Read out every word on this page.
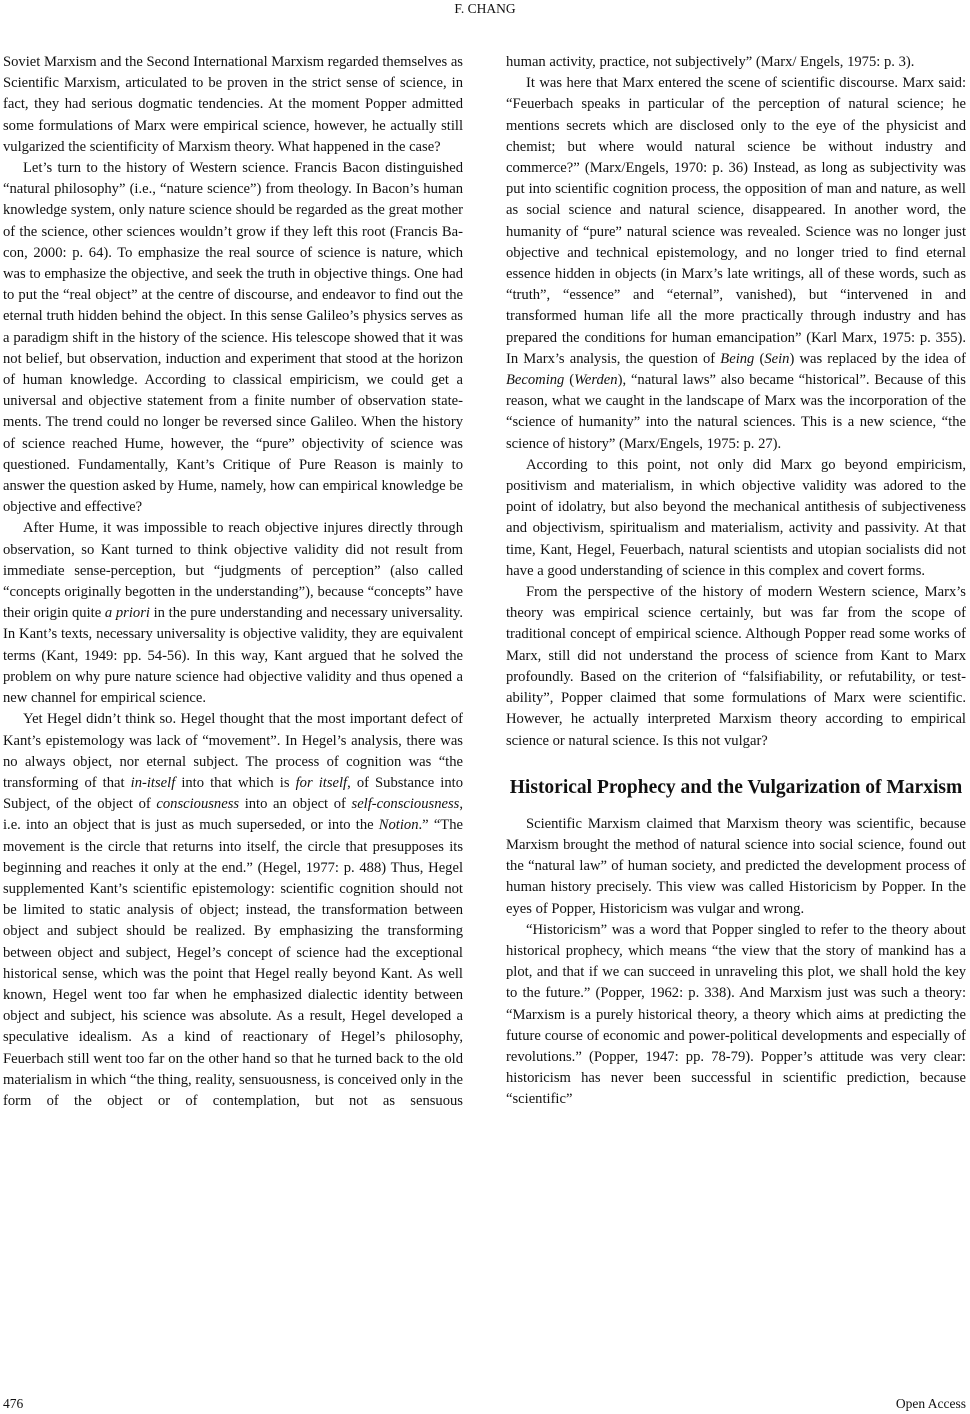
F. CHANG

Soviet Marxism and the Second International Marxism regarded themselves as Scientific Marxism, articulated to be proven in the strict sense of science, in fact, they had serious dogmatic tendencies. At the moment Popper admitted some formulations of Marx were empirical science, however, he actually still vulgarized the scientificity of Marxism theory. What happened in the case?

Let’s turn to the history of Western science. Francis Bacon distinguished “natural philosophy” (i.e., “nature science”) from theology. In Bacon’s human knowledge system, only nature science should be regarded as the great mother of the science, other sciences wouldn’t grow if they left this root (Francis Bacon, 2000: p. 64). To emphasize the real source of science is nature, which was to emphasize the objective, and seek the truth in objective things. One had to put the “real object” at the centre of discourse, and endeavor to find out the eternal truth hidden behind the object. In this sense Galileo’s physics serves as a paradigm shift in the history of the science. His telescope showed that it was not belief, but observation, induction and experiment that stood at the horizon of human knowledge. According to classical empiricism, we could get a universal and objective statement from a finite number of observation statements. The trend could no longer be reversed since Galileo. When the history of science reached Hume, however, the “pure” objectivity of science was questioned. Fundamentally, Kant’s Critique of Pure Reason is mainly to answer the question asked by Hume, namely, how can empirical knowledge be objective and effective?

After Hume, it was impossible to reach objective injures directly through observation, so Kant turned to think objective validity did not result from immediate sense-perception, but “judgments of perception” (also called “concepts originally begotten in the understanding”), because “concepts” have their origin quite a priori in the pure understanding and necessary universality. In Kant’s texts, necessary universality is objective validity, they are equivalent terms (Kant, 1949: pp. 54-56). In this way, Kant argued that he solved the problem on why pure nature science had objective validity and thus opened a new channel for empirical science.

Yet Hegel didn’t think so. Hegel thought that the most important defect of Kant’s epistemology was lack of “movement”. In Hegel’s analysis, there was no always object, nor eternal subject. The process of cognition was “the transforming of that in-itself into that which is for itself, of Substance into Subject, of the object of consciousness into an object of self-consciousness, i.e. into an object that is just as much superseded, or into the Notion.” “The movement is the circle that returns into itself, the circle that presupposes its beginning and reaches it only at the end.” (Hegel, 1977: p. 488) Thus, Hegel supplemented Kant’s scientific epistemology: scientific cognition should not be limited to static analysis of object; instead, the transformation between object and subject should be realized. By emphasizing the transforming between object and subject, Hegel’s concept of science had the exceptional historical sense, which was the point that Hegel really beyond Kant. As well known, Hegel went too far when he emphasized dialectic identity between object and subject, his science was absolute. As a result, Hegel developed a speculative idealism. As a kind of reactionary of Hegel’s philosophy, Feuerbach still went too far on the other hand so that he turned back to the old materialism in which “the thing, reality, sensuousness, is conceived only in the form of the object or of contemplation, but not as sensuous

human activity, practice, not subjectively” (Marx/ Engels, 1975: p. 3).

It was here that Marx entered the scene of scientific discourse. Marx said: “Feuerbach speaks in particular of the perception of natural science; he mentions secrets which are disclosed only to the eye of the physicist and chemist; but where would natural science be without industry and commerce?” (Marx/Engels, 1970: p. 36) Instead, as long as subjectivity was put into scientific cognition process, the opposition of man and nature, as well as social science and natural science, disappeared. In another word, the humanity of “pure” natural science was revealed. Science was no longer just objective and technical epistemology, and no longer tried to find eternal essence hidden in objects (in Marx’s late writings, all of these words, such as “truth”, “essence” and “eternal”, vanished), but “intervened in and transformed human life all the more practically through industry and has prepared the conditions for human emancipation” (Karl Marx, 1975: p. 355). In Marx’s analysis, the question of Being (Sein) was replaced by the idea of Becoming (Werden), “natural laws” also became “historical”. Because of this reason, what we caught in the landscape of Marx was the incorporation of the “science of humanity” into the natural sciences. This is a new science, “the science of history” (Marx/Engels, 1975: p. 27).

According to this point, not only did Marx go beyond empiricism, positivism and materialism, in which objective validity was adored to the point of idolatry, but also beyond the mechanical antithesis of subjectiveness and objectivism, spiritualism and materialism, activity and passivity. At that time, Kant, Hegel, Feuerbach, natural scientists and utopian socialists did not have a good understanding of science in this complex and covert forms.

From the perspective of the history of modern Western science, Marx’s theory was empirical science certainly, but was far from the scope of traditional concept of empirical science. Although Popper read some works of Marx, still did not understand the process of science from Kant to Marx profoundly. Based on the criterion of “falsifiability, or refutability, or testability”, Popper claimed that some formulations of Marx were scientific. However, he actually interpreted Marxism theory according to empirical science or natural science. Is this not vulgar?

Historical Prophecy and the Vulgarization of Marxism

Scientific Marxism claimed that Marxism theory was scientific, because Marxism brought the method of natural science into social science, found out the “natural law” of human society, and predicted the development process of human history precisely. This view was called Historicism by Popper. In the eyes of Popper, Historicism was vulgar and wrong.

“Historicism” was a word that Popper singled to refer to the theory about historical prophecy, which means “the view that the story of mankind has a plot, and that if we can succeed in unraveling this plot, we shall hold the key to the future.” (Popper, 1962: p. 338). And Marxism just was such a theory: “Marxism is a purely historical theory, a theory which aims at predicting the future course of economic and power-political developments and especially of revolutions.” (Popper, 1947: pp. 78-79). Popper’s attitude was very clear: historicism has never been successful in scientific prediction, because “scientific”

476	Open Access
